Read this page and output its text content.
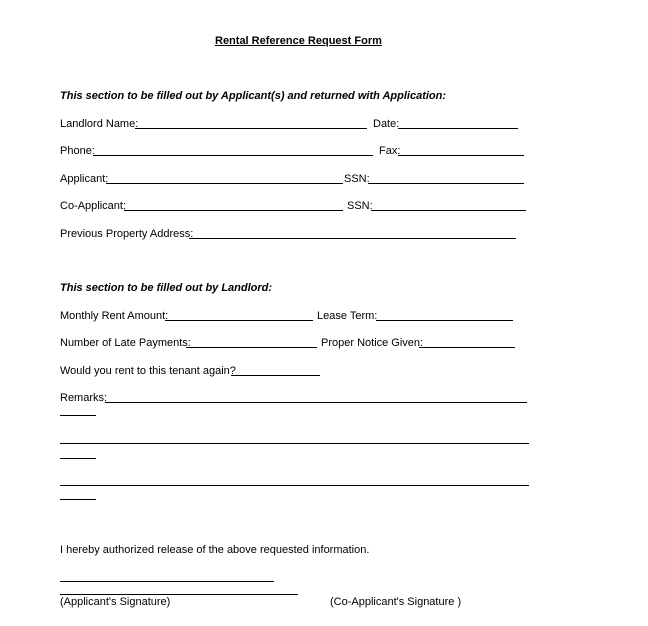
Rental Reference Request Form
This section to be filled out by Applicant(s) and returned with Application:
Landlord Name:	Date:
Phone:	Fax:
Applicant:	SSN:
Co-Applicant:	SSN:
Previous Property Address:
This section to be filled out by Landlord:
Monthly Rent Amount:	Lease Term:
Number of Late Payments:	Proper Notice Given:
Would you rent to this tenant again?
Remarks:
I hereby authorized release of the above requested information.
(Applicant's Signature)	(Co-Applicant's Signature )
